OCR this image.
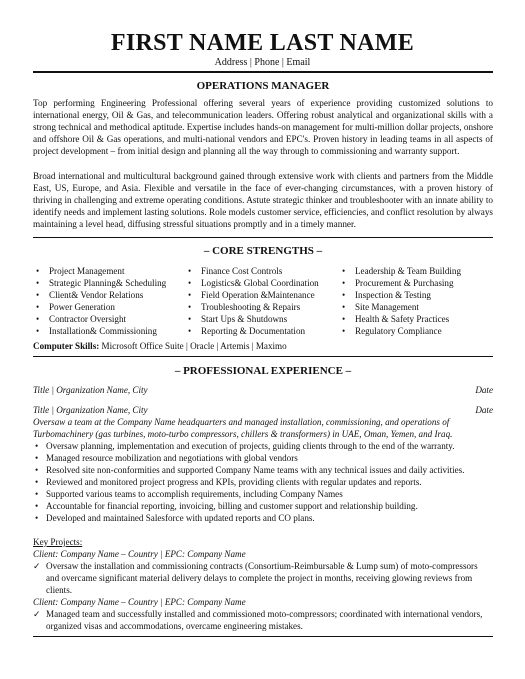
FIRST NAME LAST NAME
Address | Phone | Email
OPERATIONS MANAGER
Top performing Engineering Professional offering several years of experience providing customized solutions to international energy, Oil & Gas, and telecommunication leaders. Offering robust analytical and organizational skills with a strong technical and methodical aptitude. Expertise includes hands-on management for multi-million dollar projects, onshore and offshore Oil & Gas operations, and multi-national vendors and EPC's. Proven history in leading teams in all aspects of project development – from initial design and planning all the way through to commissioning and warranty support.
Broad international and multicultural background gained through extensive work with clients and partners from the Middle East, US, Europe, and Asia. Flexible and versatile in the face of ever-changing circumstances, with a proven history of thriving in challenging and extreme operating conditions. Astute strategic thinker and troubleshooter with an innate ability to identify needs and implement lasting solutions. Role models customer service, efficiencies, and conflict resolution by always maintaining a level head, diffusing stressful situations promptly and in a timely manner.
– CORE STRENGTHS –
• Project Management
• Strategic Planning& Scheduling
• Client& Vendor Relations
• Power Generation
• Contractor Oversight
• Installation& Commissioning
• Finance Cost Controls
• Logistics& Global Coordination
• Field Operation &Maintenance
• Troubleshooting & Repairs
• Start Ups & Shutdowns
• Reporting & Documentation
• Leadership & Team Building
• Procurement & Purchasing
• Inspection & Testing
• Site Management
• Health & Safety Practices
• Regulatory Compliance
Computer Skills: Microsoft Office Suite | Oracle | Artemis | Maximo
– PROFESSIONAL EXPERIENCE –
Title | Organization Name, City	Date
Title | Organization Name, City	Date
Oversaw a team at the Company Name headquarters and managed installation, commissioning, and operations of Turbomachinery (gas turbines, moto-turbo compressors, chillers & transformers) in UAE, Oman, Yemen, and Iraq.
• Oversaw planning, implementation and execution of projects, guiding clients through to the end of the warranty.
• Managed resource mobilization and negotiations with global vendors
• Resolved site non-conformities and supported Company Name teams with any technical issues and daily activities.
• Reviewed and monitored project progress and KPIs, providing clients with regular updates and reports.
• Supported various teams to accomplish requirements, including Company Names
• Accountable for financial reporting, invoicing, billing and customer support and relationship building.
• Developed and maintained Salesforce with updated reports and CO plans.
Key Projects:
Client: Company Name – Country | EPC: Company Name
✓ Oversaw the installation and commissioning contracts (Consortium-Reimbursable & Lump sum) of moto-compressors and overcame significant material delivery delays to complete the project in months, receiving glowing reviews from clients.
Client: Company Name – Country | EPC: Company Name
✓ Managed team and successfully installed and commissioned moto-compressors; coordinated with international vendors, organized visas and accommodations, overcame engineering mistakes.
